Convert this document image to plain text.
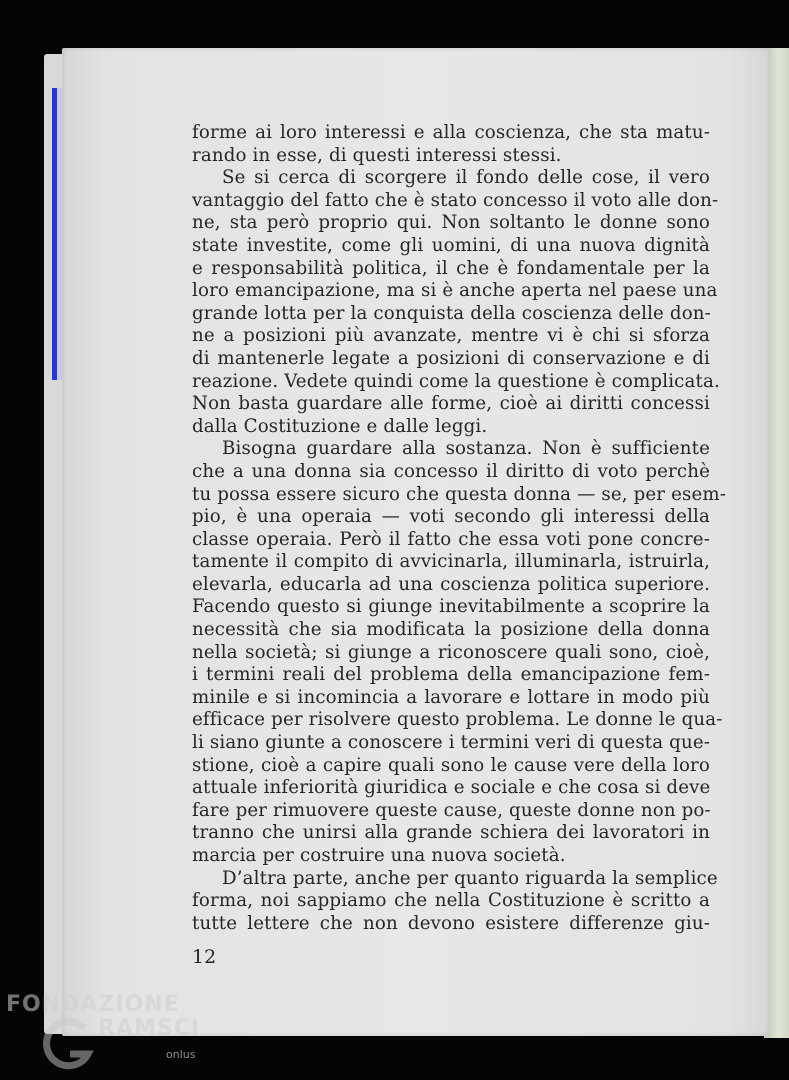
forme ai loro interessi e alla coscienza, che sta matu-
rando in esse, di questi interessi stessi.

Se si cerca di scorgere il fondo delle cose, il vero
vantaggio del fatto che è stato concesso il voto alle don-
ne, sta però proprio qui. Non soltanto le donne sono
state investite, come gli uomini, di una nuova dignità
e responsabilità politica, il che è fondamentale per la
loro emancipazione, ma si è anche aperta nel paese una
grande lotta per la conquista della coscienza delle don-
ne a posizioni più avanzate, mentre vi è chi si sforza
di mantenerle legate a posizioni di conservazione e di
reazione. Vedete quindi come la questione è complicata.
Non basta guardare alle forme, cioè ai diritti concessi
dalla Costituzione e dalle leggi.

Bisogna guardare alla sostanza. Non è sufficiente
che a una donna sia concesso il diritto di voto perchè
tu possa essere sicuro che questa donna — se, per esem-
pio, è una operaia — voti secondo gli interessi della
classe operaia. Però il fatto che essa voti pone concre-
tamente il compito di avvicinarla, illuminarla, istruirla,
elevarla, educarla ad una coscienza politica superiore.
Facendo questo si giunge inevitabilmente a scoprire la
necessità che sia modificata la posizione della donna
nella società; si giunge a riconoscere quali sono, cioè,
i termini reali del problema della emancipazione fem-
minile e si incomincia a lavorare e lottare in modo più
efficace per risolvere questo problema. Le donne le qua-
li siano giunte a conoscere i termini veri di questa que-
stione, cioè a capire quali sono le cause vere della loro
attuale inferiorità giuridica e sociale e che cosa si deve
fare per rimuovere queste cause, queste donne non po-
tranno che unirsi alla grande schiera dei lavoratori in
marcia per costruire una nuova società.

D’altra parte, anche per quanto riguarda la semplice
forma, noi sappiamo che nella Costituzione è scritto a
tutte lettere che non devono esistere differenze giu-

12
FONDAZIONE
RAMSCI
onlus
